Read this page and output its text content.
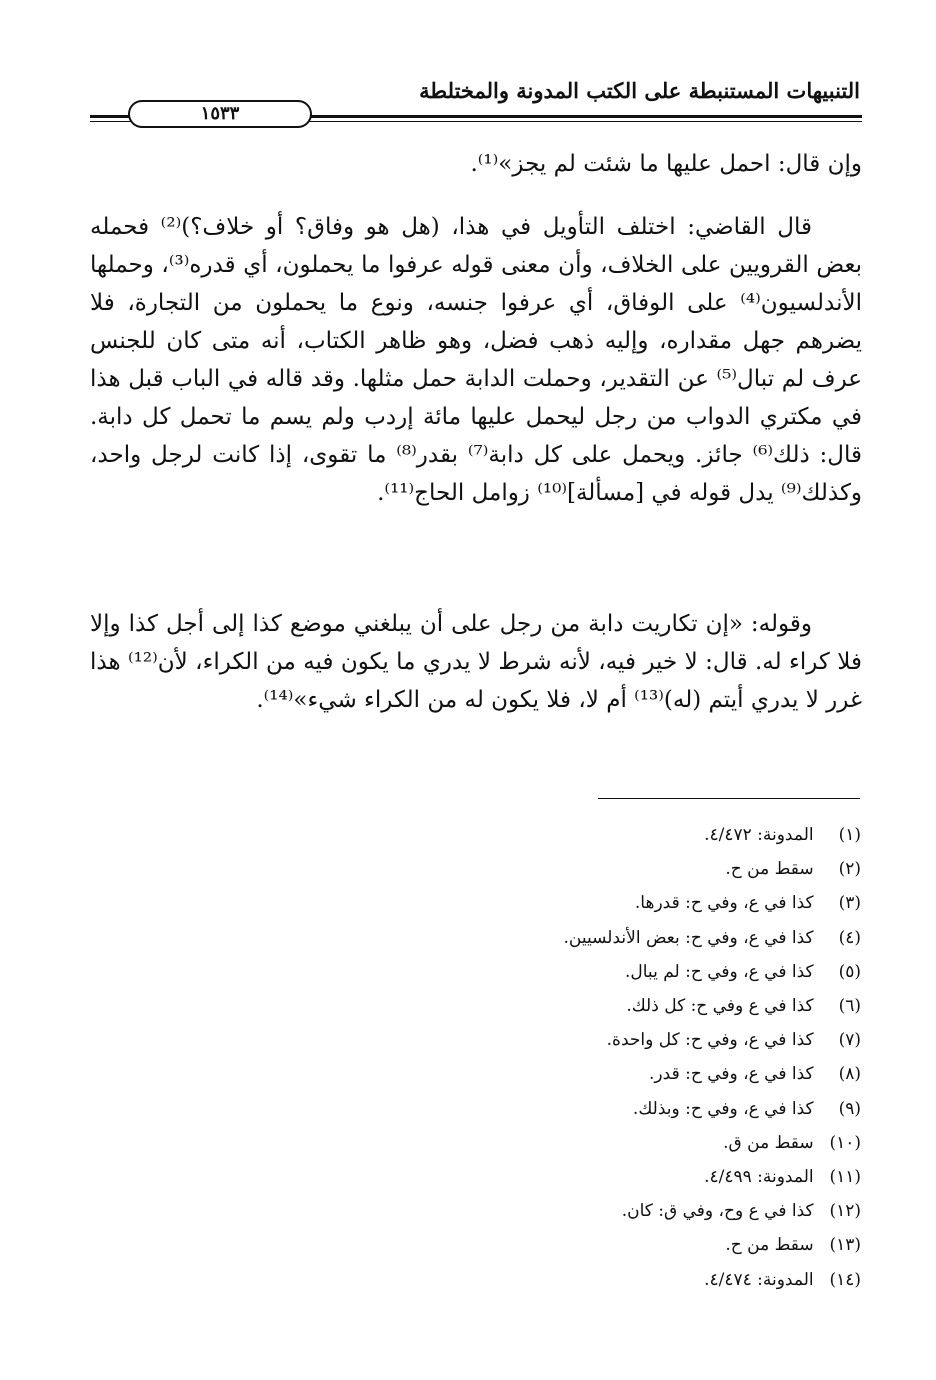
التنبيهات المستنبطة على الكتب المدونة والمختلطة
١٥٣٣

وإن قال: احمل عليها ما شئت لم يجز»⁽¹⁾.

قال القاضي: اختلف التأويل في هذا، (هل هو وفاق؟ أو خلاف؟)⁽²⁾ فحمله بعض القرويين على الخلاف، وأن معنى قوله عرفوا ما يحملون، أي قدره⁽³⁾، وحملها الأندلسيون⁽⁴⁾ على الوفاق، أي عرفوا جنسه، ونوع ما يحملون من التجارة، فلا يضرهم جهل مقداره، وإليه ذهب فضل، وهو ظاهر الكتاب، أنه متى كان للجنس عرف لم تبال⁽⁵⁾ عن التقدير، وحملت الدابة حمل مثلها. وقد قاله في الباب قبل هذا في مكتري الدواب من رجل ليحمل عليها مائة إردب ولم يسم ما تحمل كل دابة. قال: ذلك⁽⁶⁾ جائز. ويحمل على كل دابة⁽⁷⁾ بقدر⁽⁸⁾ ما تقوى، إذا كانت لرجل واحد، وكذلك⁽⁹⁾ يدل قوله في [مسألة]⁽¹⁰⁾ زوامل الحاج⁽¹¹⁾.

وقوله: «إن تكاريت دابة من رجل على أن يبلغني موضع كذا إلى أجل كذا وإلا فلا كراء له. قال: لا خير فيه، لأنه شرط لا يدري ما يكون فيه من الكراء، لأن⁽¹²⁾ هذا غرر لا يدري أيتم (له)⁽¹³⁾ أم لا، فلا يكون له من الكراء شيء»⁽¹⁴⁾.

(١) المدونة: ٤/٤٧٢.
(٢) سقط من ح.
(٣) كذا في ع، وفي ح: قدرها.
(٤) كذا في ع، وفي ح: بعض الأندلسيين.
(٥) كذا في ع، وفي ح: لم يبال.
(٦) كذا في ع وفي ح: كل ذلك.
(٧) كذا في ع، وفي ح: كل واحدة.
(٨) كذا في ع، وفي ح: قدر.
(٩) كذا في ع، وفي ح: وبذلك.
(١٠) سقط من ق.
(١١) المدونة: ٤/٤٩٩.
(١٢) كذا في ع وح، وفي ق: كان.
(١٣) سقط من ح.
(١٤) المدونة: ٤/٤٧٤.
